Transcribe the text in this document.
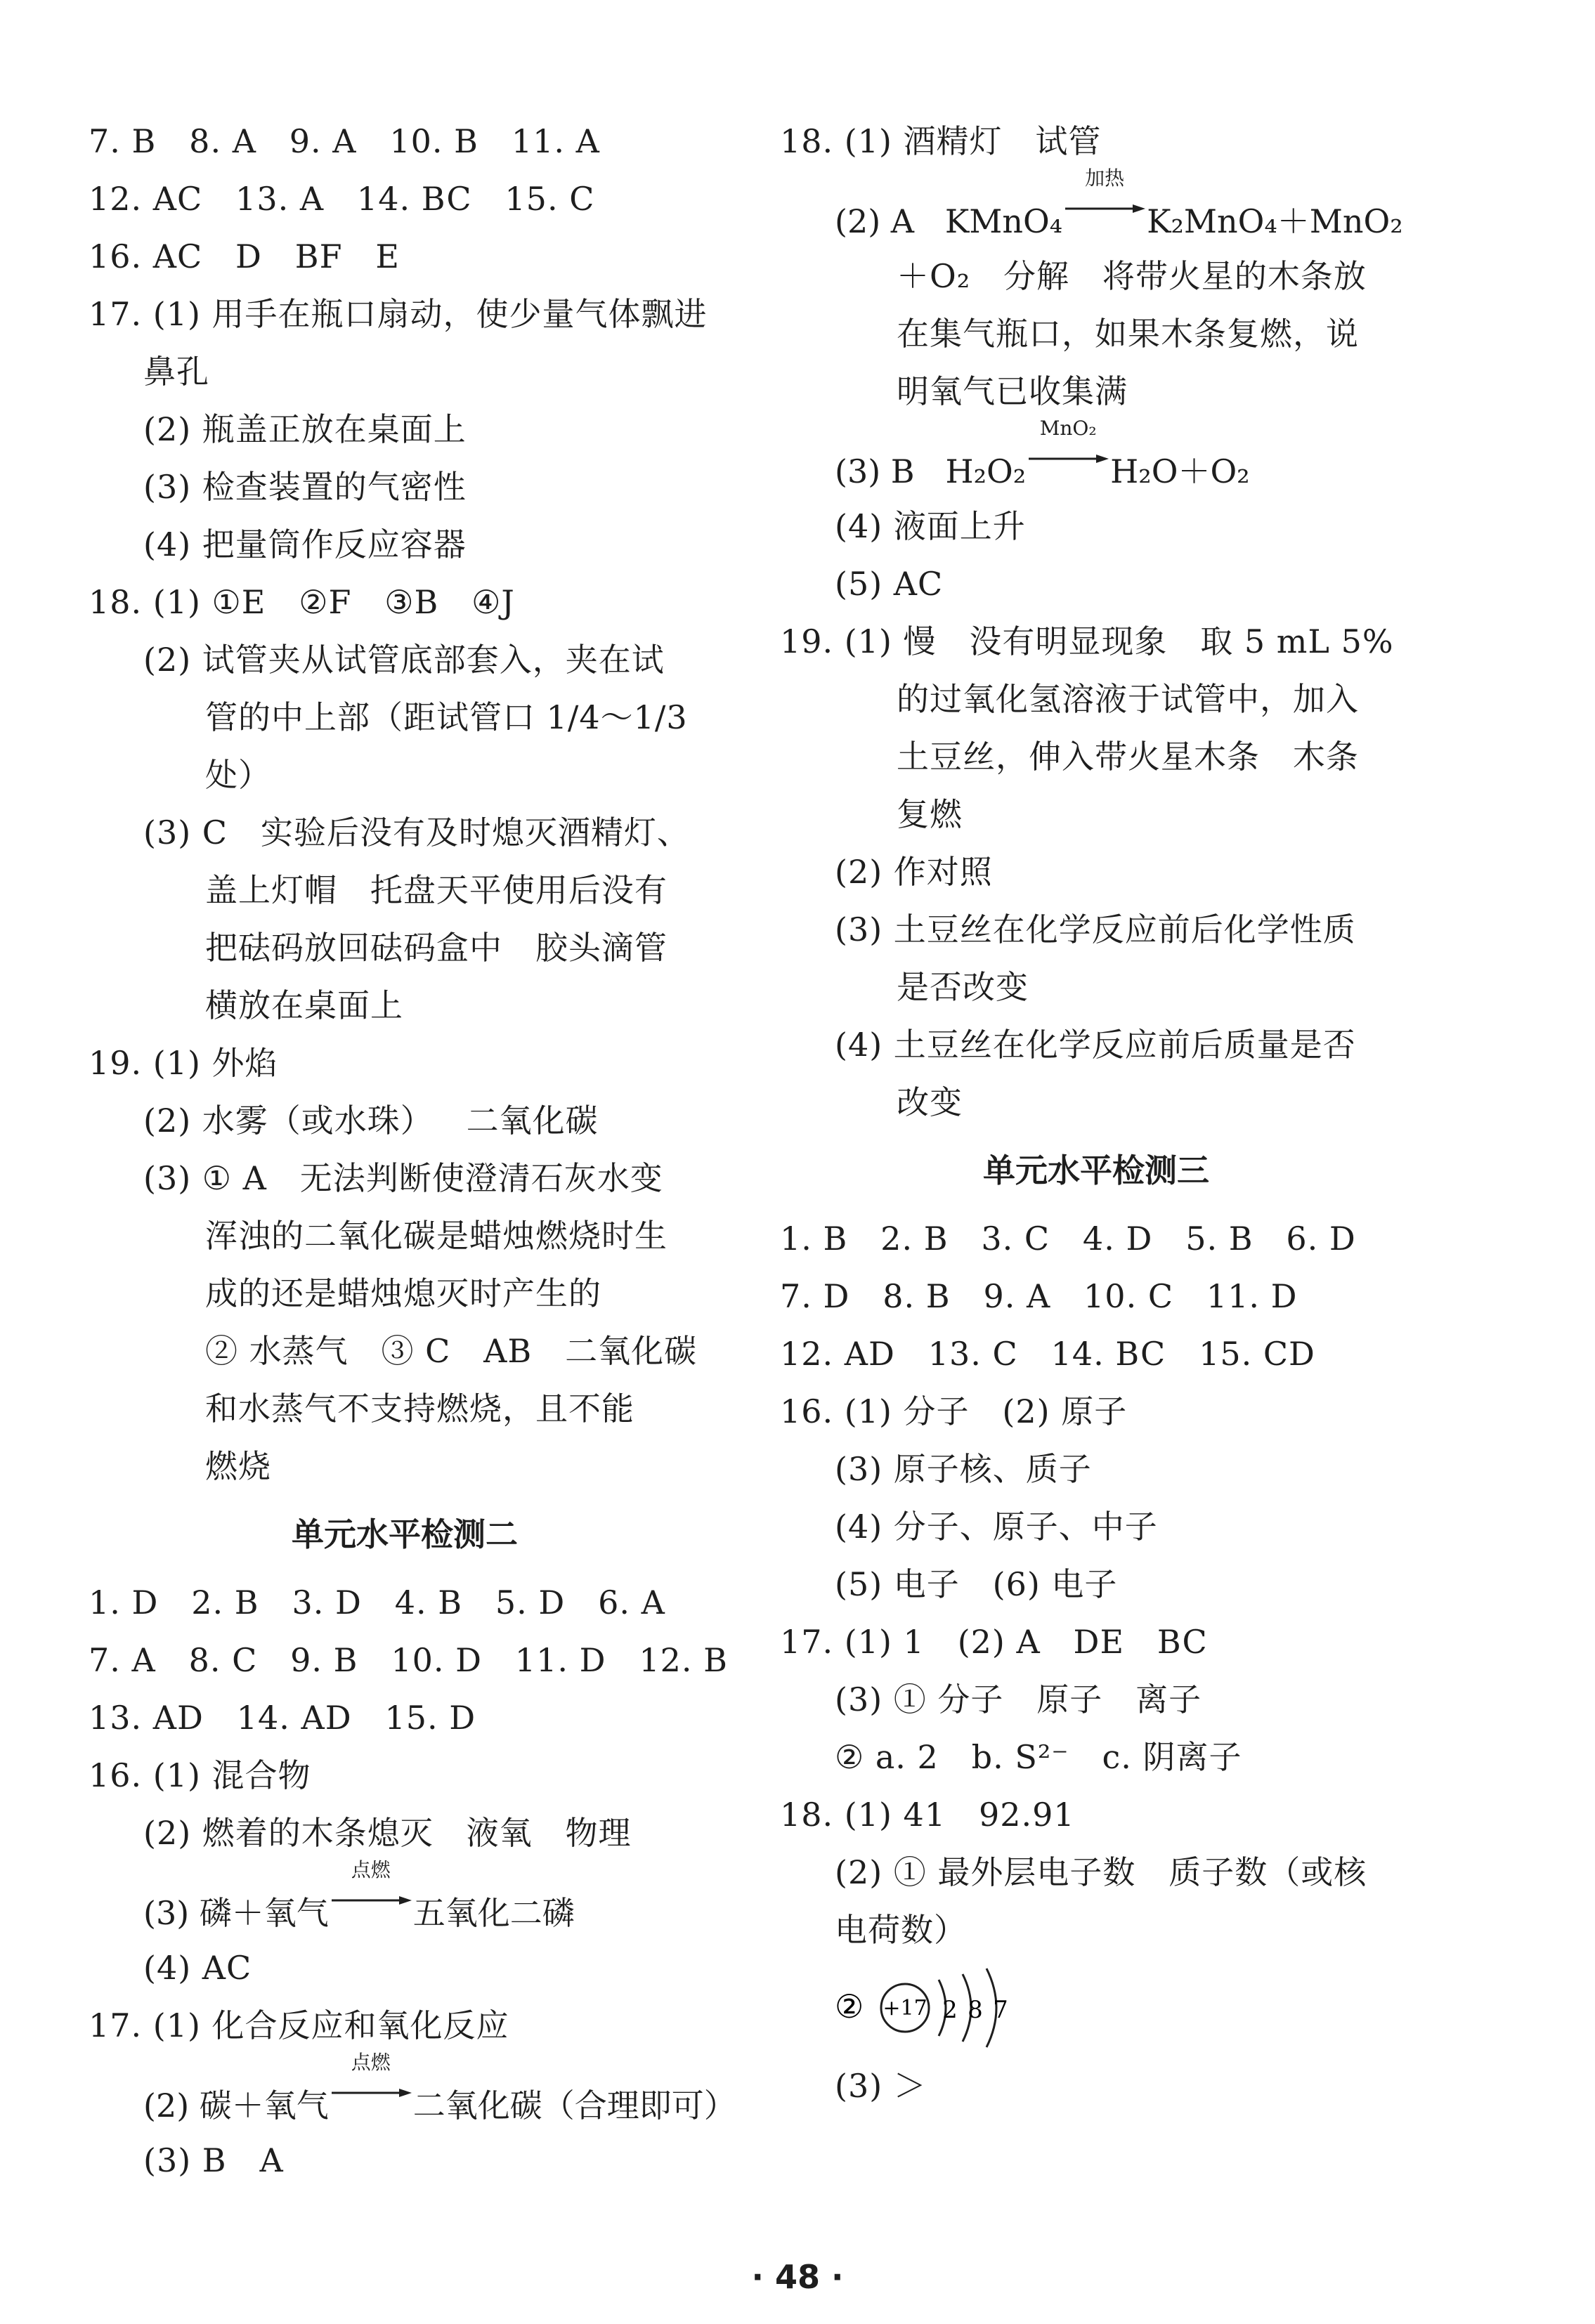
7. B   8. A   9. A   10. B   11. A
12. AC   13. A   14. BC   15. C
16. AC   D   BF   E
17. (1) 用手在瓶口扇动，使少量气体飘进
鼻孔
(2) 瓶盖正放在桌面上
(3) 检查装置的气密性
(4) 把量筒作反应容器
18. (1) ①E   ②F   ③B   ④J
(2) 试管夹从试管底部套入，夹在试
管的中上部（距试管口 1/4～1/3
处）
(3) C   实验后没有及时熄灭酒精灯、
盖上灯帽   托盘天平使用后没有
把砝码放回砝码盒中   胶头滴管
横放在桌面上
19. (1) 外焰
(2) 水雾（或水珠）   二氧化碳
(3) ① A   无法判断使澄清石灰水变
浑浊的二氧化碳是蜡烛燃烧时生
成的还是蜡烛熄灭时产生的
② 水蒸气   ③ C   AB   二氧化碳
和水蒸气不支持燃烧，且不能
燃烧
单元水平检测二
1. D   2. B   3. D   4. B   5. D   6. A
7. A   8. C   9. B   10. D   11. D   12. B
13. AD   14. AD   15. D
16. (1) 混合物
(2) 燃着的木条熄灭   液氧   物理
(3) 磷＋氧气
点燃
五氧化二磷
(4) AC
17. (1) 化合反应和氧化反应
(2) 碳＋氧气
点燃
二氧化碳（合理即可）
(3) B   A
18. (1) 酒精灯   试管
(2) A   KMnO₄
加热
K₂MnO₄＋MnO₂
＋O₂   分解   将带火星的木条放
在集气瓶口，如果木条复燃，说
明氧气已收集满
(3) B   H₂O₂
MnO₂
H₂O＋O₂
(4) 液面上升
(5) AC
19. (1) 慢   没有明显现象   取 5 mL 5%
的过氧化氢溶液于试管中，加入
土豆丝，伸入带火星木条   木条
复燃
(2) 作对照
(3) 土豆丝在化学反应前后化学性质
是否改变
(4) 土豆丝在化学反应前后质量是否
改变
单元水平检测三
1. B   2. B   3. C   4. D   5. B   6. D
7. D   8. B   9. A   10. C   11. D
12. AD   13. C   14. BC   15. CD
16. (1) 分子   (2) 原子
(3) 原子核、质子
(4) 分子、原子、中子
(5) 电子   (6) 电子
17. (1) 1   (2) A   DE   BC
(3) ① 分子   原子   离子
② a. 2   b. S²⁻   c. 阴离子
18. (1) 41   92.91
(2) ① 最外层电子数   质子数（或核
电荷数）
② +17 2 8 7
(3) ＞
· 48 ·
